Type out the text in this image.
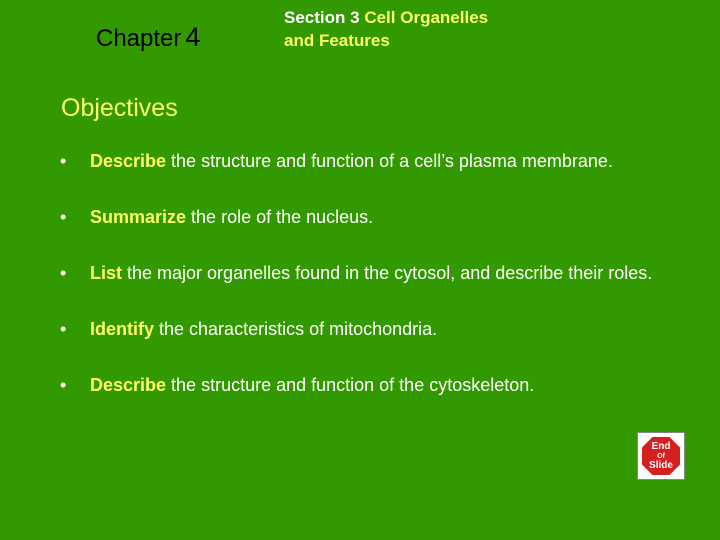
Chapter 4
Section 3 Cell Organelles
and Features
Objectives
• Describe the structure and function of a cell’s plasma membrane.
• Summarize the role of the nucleus.
• List the major organelles found in the cytosol, and describe their roles.
• Identify the characteristics of mitochondria.
• Describe the structure and function of the cytoskeleton.
End
Of
Slide
